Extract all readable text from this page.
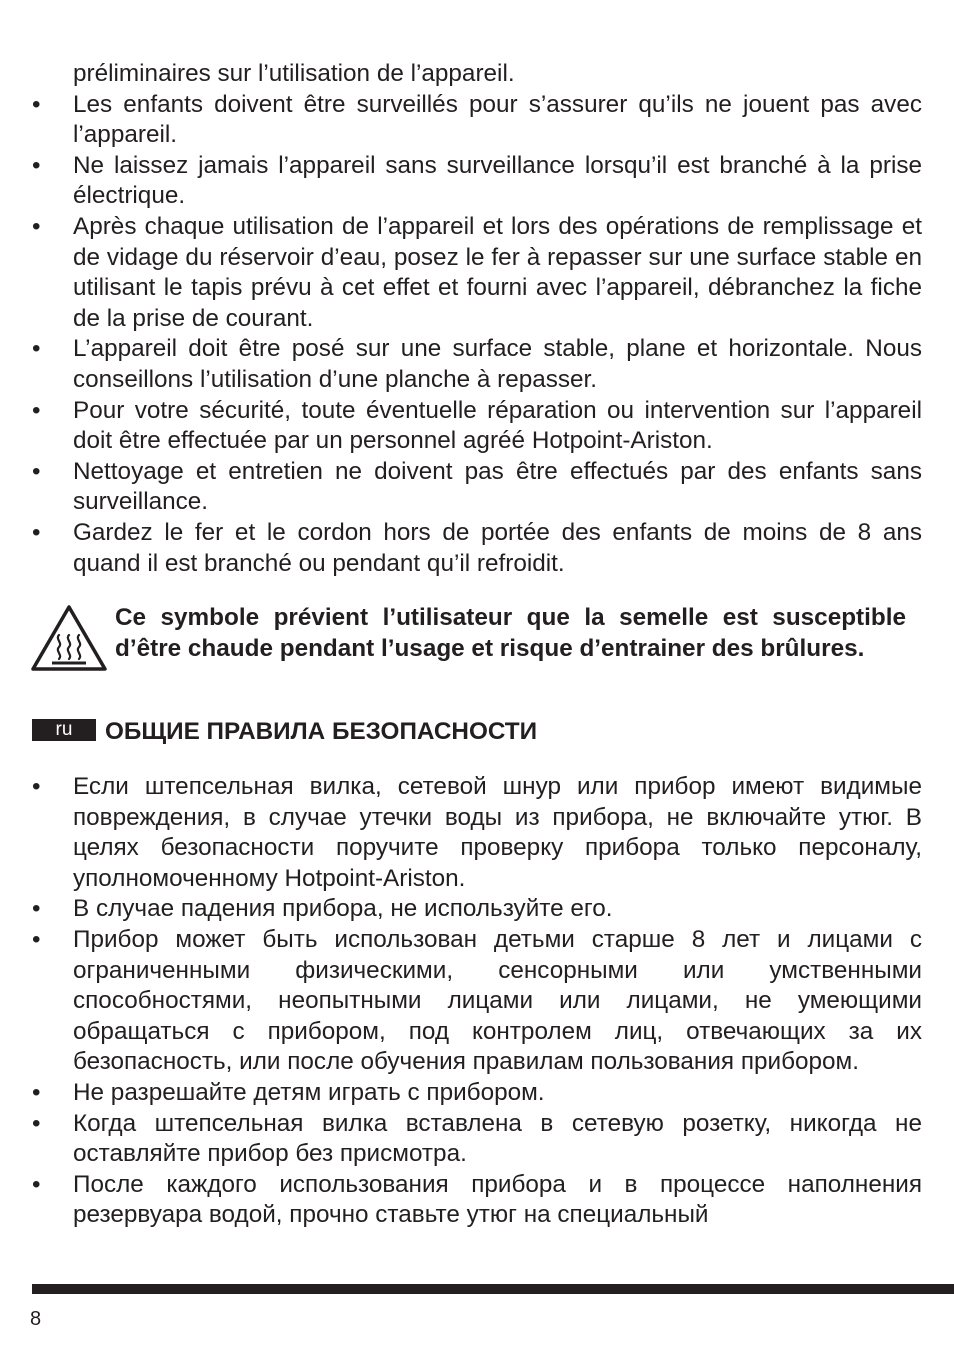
préliminaires sur l’utilisation de l’appareil.
• Les enfants doivent être surveillés pour s’assurer qu’ils ne jouent pas avec l’appareil.
• Ne laissez jamais l’appareil sans surveillance lorsqu’il est branché à la prise électrique.
• Après chaque utilisation de l’appareil et lors des opérations de remplissage et de vidage du réservoir d’eau, posez le fer à repasser sur une surface stable en utilisant le tapis prévu à cet effet et fourni avec l’appareil, débranchez la fiche de la prise de courant.
• L’appareil doit être posé sur une surface stable, plane et horizontale. Nous conseillons l’utilisation d’une planche à repasser.
• Pour votre sécurité, toute éventuelle réparation ou intervention sur l’appareil doit être effectuée par un personnel agréé Hotpoint-Ariston.
• Nettoyage et entretien ne doivent pas être effectués par des enfants sans surveillance.
• Gardez le fer et le cordon hors de portée des enfants de moins de 8 ans quand il est branché ou pendant qu’il refroidit.
Ce symbole prévient l’utilisateur que la semelle est susceptible d’être chaude pendant l’usage et risque d’entrainer des brûlures.
ru	ОБЩИЕ ПРАВИЛА БЕЗОПАСНОСТИ
• Если штепсельная вилка, сетевой шнур или прибор имеют видимые повреждения, в случае утечки воды из прибора, не включайте утюг. В целях безопасности поручите проверку прибора только персоналу, уполномоченному Hotpoint-Ariston.
• В случае падения прибора, не используйте его.
• Прибор может быть использован детьми старше 8 лет и лицами с ограниченными физическими, сенсорными или умственными способностями, неопытными лицами или лицами, не умеющими обращаться с прибором, под контролем лиц, отвечающих за их безопасность, или после обучения правилам пользования прибором.
• Не разрешайте детям играть с прибором.
• Когда штепсельная вилка вставлена в сетевую розетку, никогда не оставляйте прибор без присмотра.
• После каждого использования прибора и в процессе наполнения резервуара водой, прочно ставьте утюг на специальный
8
